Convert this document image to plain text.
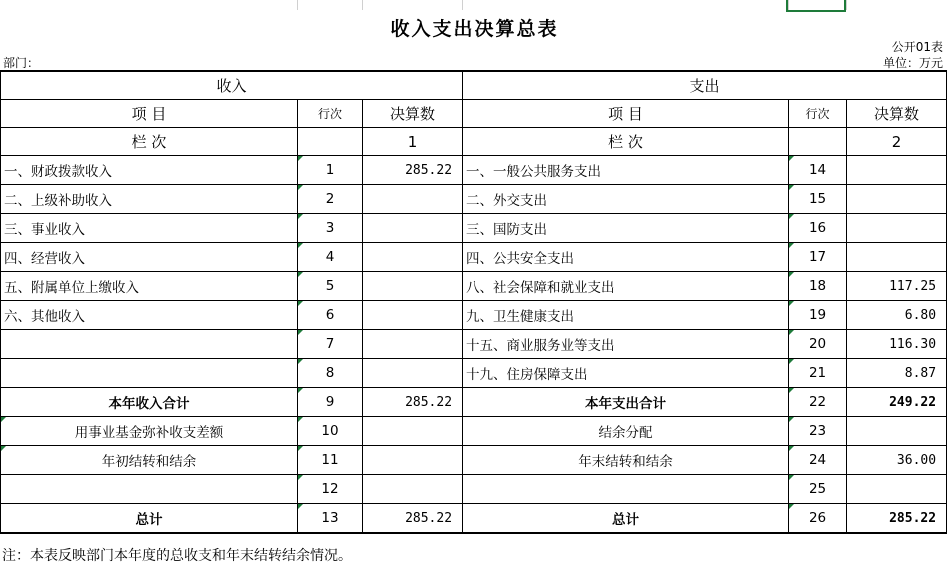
收入支出决算总表
公开01表
单位：万元
部门：
收入			支出		
项 目	行次	决算数	项 目	行次	决算数
栏 次		1	栏 次		2
一、财政拨款收入	1	285.22	一、一般公共服务支出	14	
二、上级补助收入	2		二、外交支出	15	
三、事业收入	3		三、国防支出	16	
四、经营收入	4		四、公共安全支出	17	
五、附属单位上缴收入	5		八、社会保障和就业支出	18	117.25
六、其他收入	6		九、卫生健康支出	19	6.80
	7		十五、商业服务业等支出	20	116.30
	8		十九、住房保障支出	21	8.87
本年收入合计	9	285.22	本年支出合计	22	249.22
用事业基金弥补收支差额	10		结余分配	23	
年初结转和结余	11		年末结转和结余	24	36.00
	12			25	
总计	13	285.22	总计	26	285.22
注：本表反映部门本年度的总收支和年末结转结余情况。
